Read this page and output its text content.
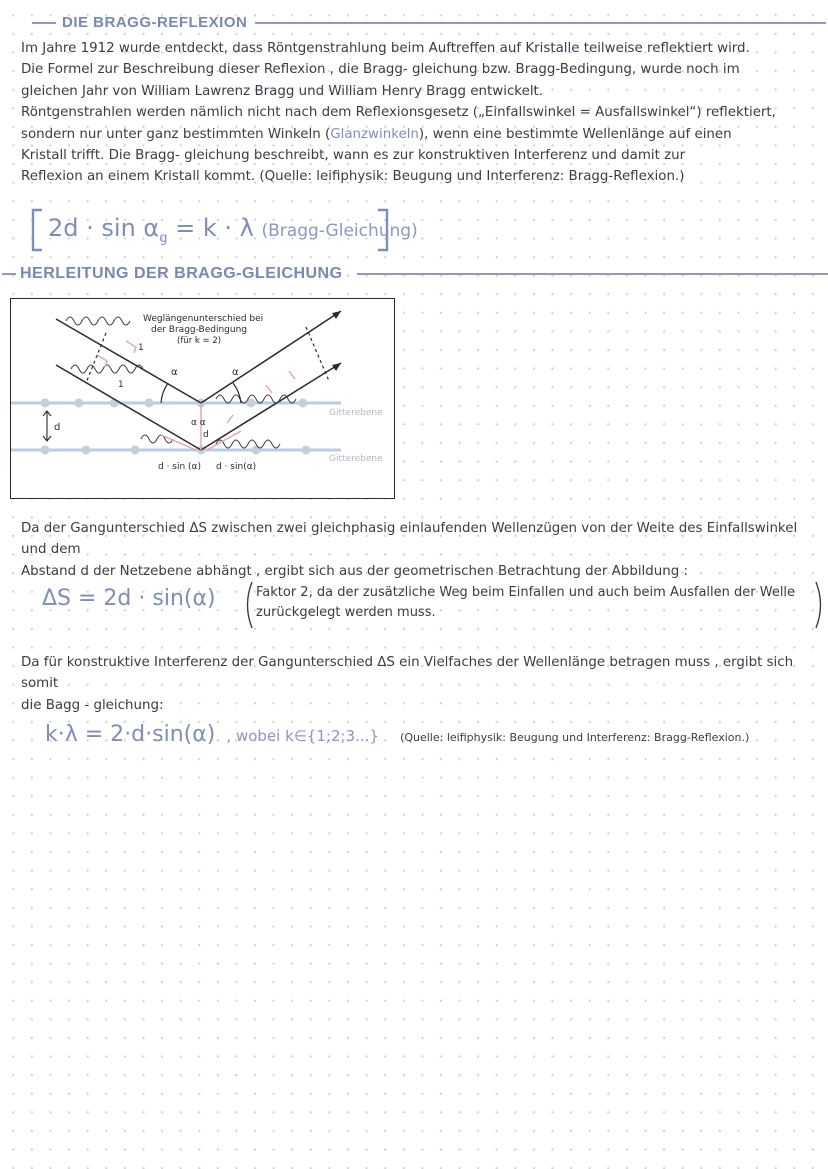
DIE BRAGG-REFLEXION
Im Jahre 1912 wurde entdeckt, dass Röntgenstrahlung beim Auftreffen auf Kristalle teilweise reflektiert wird.
Die Formel zur Beschreibung dieser Reflexion , die Bragg- gleichung bzw. Bragg-Bedingung, wurde noch im
gleichen Jahr von William Lawrenz Bragg und William Henry Bragg entwickelt.
Röntgenstrahlen werden nämlich nicht nach dem Reflexionsgesetz („Einfallswinkel = Ausfallswinkel“) reflektiert,
sondern nur unter ganz bestimmten Winkeln (Glanzwinkeln), wenn eine bestimmte Wellenlänge auf einen
Kristall trifft. Die Bragg- gleichung beschreibt, wann es zur konstruktiven Interferenz und damit zur
Reflexion an einem Kristall kommt. (Quelle: leifiphysik: Beugung und Interferenz: Bragg-Reflexion.)
$2d \cdot \sin \alpha_g = k \cdot \lambda$ (Bragg-Gleichung)
HERLEITUNG DER BRAGG-GLEICHUNG
Weglängenunterschied bei
der Bragg-Bedingung
(für k = 2)
1
1
α	α
α α
d
d
Gitterebene
Gitterebene
d · sin (α) d · sin(α)
Da der Gangunterschied ΔS zwischen zwei gleichphasig einlaufenden Wellenzügen von der Weite des Einfallswinkel und dem
Abstand d der Netzebene abhängt , ergibt sich aus der geometrischen Betrachtung der Abbildung :
ΔS = 2d · sin(α)	Faktor 2, da der zusätzliche Weg beim Einfallen und auch beim Ausfallen der Welle
zurückgelegt werden muss.
Da für konstruktive Interferenz der Gangunterschied ΔS ein Vielfaches der Wellenlänge betragen muss , ergibt sich somit
die Bagg - gleichung:
k·λ = 2·d·sin(α) , wobei k∈{1;2;3...} (Quelle: leifiphysik: Beugung und Interferenz: Bragg-Reflexion.)
